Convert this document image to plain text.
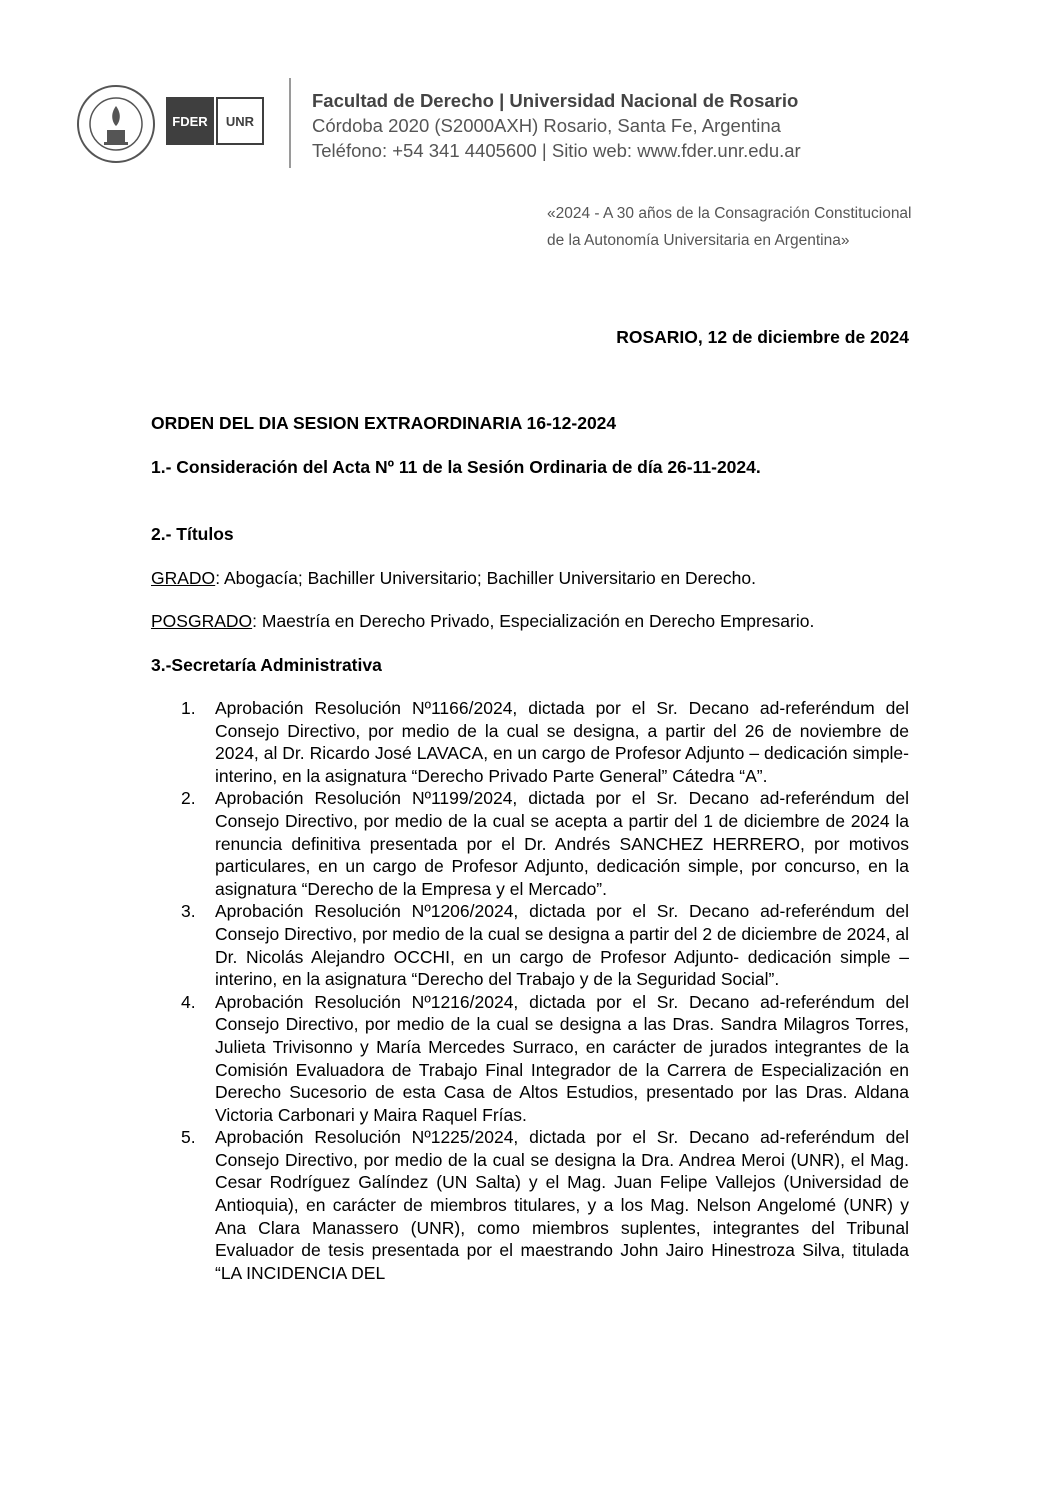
FDER	UNR
Facultad de Derecho | Universidad Nacional de Rosario
Córdoba 2020 (S2000AXH) Rosario, Santa Fe, Argentina
Teléfono: +54 341 4405600 | Sitio web: www.fder.unr.edu.ar
«2024 - A 30 años de la Consagración Constitucional
de la Autonomía Universitaria en Argentina»
ROSARIO, 12 de diciembre de 2024
ORDEN DEL DIA SESION EXTRAORDINARIA 16-12-2024
1.- Consideración del Acta Nº 11 de la Sesión Ordinaria de día 26-11-2024.
2.- Títulos
GRADO: Abogacía; Bachiller Universitario; Bachiller Universitario en Derecho.
POSGRADO: Maestría en Derecho Privado, Especialización en Derecho Empresario.
3.-Secretaría Administrativa
1. Aprobación Resolución Nº1166/2024, dictada por el Sr. Decano ad-referéndum del Consejo Directivo, por medio de la cual se designa, a partir del 26 de noviembre de 2024, al Dr. Ricardo José LAVACA, en un cargo de Profesor Adjunto – dedicación simple- interino, en la asignatura “Derecho Privado Parte General” Cátedra “A”.
2. Aprobación Resolución Nº1199/2024, dictada por el Sr. Decano ad-referéndum del Consejo Directivo, por medio de la cual se acepta a partir del 1 de diciembre de 2024 la renuncia definitiva presentada por el Dr. Andrés SANCHEZ HERRERO, por motivos particulares, en un cargo de Profesor Adjunto, dedicación simple, por concurso, en la asignatura “Derecho de la Empresa y el Mercado”.
3. Aprobación Resolución Nº1206/2024, dictada por el Sr. Decano ad-referéndum del Consejo Directivo, por medio de la cual se designa a partir del 2 de diciembre de 2024, al Dr. Nicolás Alejandro OCCHI, en un cargo de Profesor Adjunto- dedicación simple – interino, en la asignatura “Derecho del Trabajo y de la Seguridad Social”.
4. Aprobación Resolución Nº1216/2024, dictada por el Sr. Decano ad-referéndum del Consejo Directivo, por medio de la cual se designa a las Dras. Sandra Milagros Torres, Julieta Trivisonno y María Mercedes Surraco, en carácter de jurados integrantes de la Comisión Evaluadora de Trabajo Final Integrador de la Carrera de Especialización en Derecho Sucesorio de esta Casa de Altos Estudios, presentado por las Dras. Aldana Victoria Carbonari y Maira Raquel Frías.
5. Aprobación Resolución Nº1225/2024, dictada por el Sr. Decano ad-referéndum del Consejo Directivo, por medio de la cual se designa la Dra. Andrea Meroi (UNR), el Mag. Cesar Rodríguez Galíndez (UN Salta) y el Mag. Juan Felipe Vallejos (Universidad de Antioquia), en carácter de miembros titulares, y a los Mag. Nelson Angelomé (UNR) y Ana Clara Manassero (UNR), como miembros suplentes, integrantes del Tribunal Evaluador de tesis presentada por el maestrando John Jairo Hinestroza Silva, titulada “LA INCIDENCIA DEL
